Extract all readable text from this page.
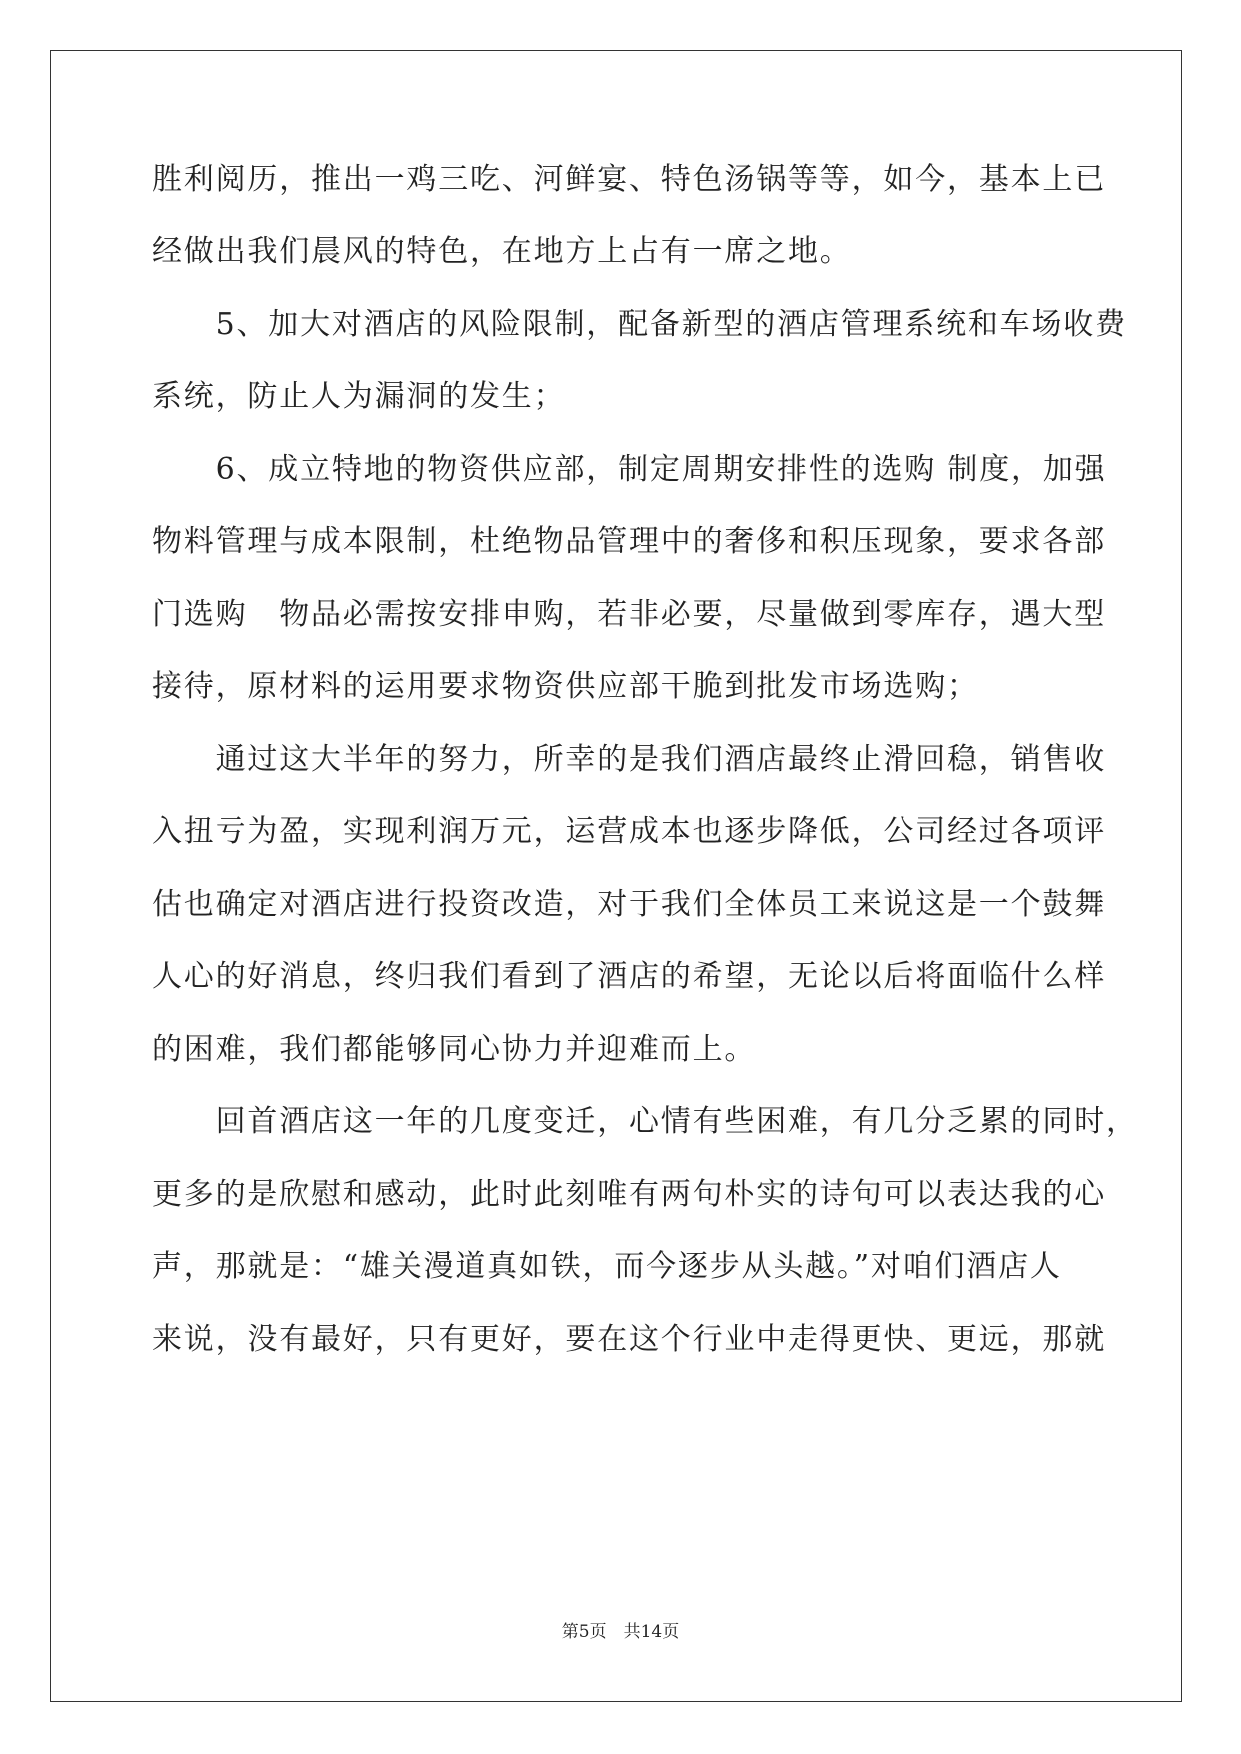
胜利阅历，推出一鸡三吃、河鲜宴、特色汤锅等等，如今，基本上已
经做出我们晨风的特色，在地方上占有一席之地。
　　5、加大对酒店的风险限制，配备新型的酒店管理系统和车场收费
系统，防止人为漏洞的发生；
　　6、成立特地的物资供应部，制定周期安排性的选购 制度，加强
物料管理与成本限制，杜绝物品管理中的奢侈和积压现象，要求各部
门选购　物品必需按安排申购，若非必要，尽量做到零库存，遇大型
接待，原材料的运用要求物资供应部干脆到批发市场选购；
　　通过这大半年的努力，所幸的是我们酒店最终止滑回稳，销售收
入扭亏为盈，实现利润万元，运营成本也逐步降低，公司经过各项评
估也确定对酒店进行投资改造，对于我们全体员工来说这是一个鼓舞
人心的好消息，终归我们看到了酒店的希望，无论以后将面临什么样
的困难，我们都能够同心协力并迎难而上。
　　回首酒店这一年的几度变迁，心情有些困难，有几分乏累的同时，
更多的是欣慰和感动，此时此刻唯有两句朴实的诗句可以表达我的心
声，那就是：“雄关漫道真如铁，而今逐步从头越。”对咱们酒店人
来说，没有最好，只有更好，要在这个行业中走得更快、更远，那就
第5页　共14页
